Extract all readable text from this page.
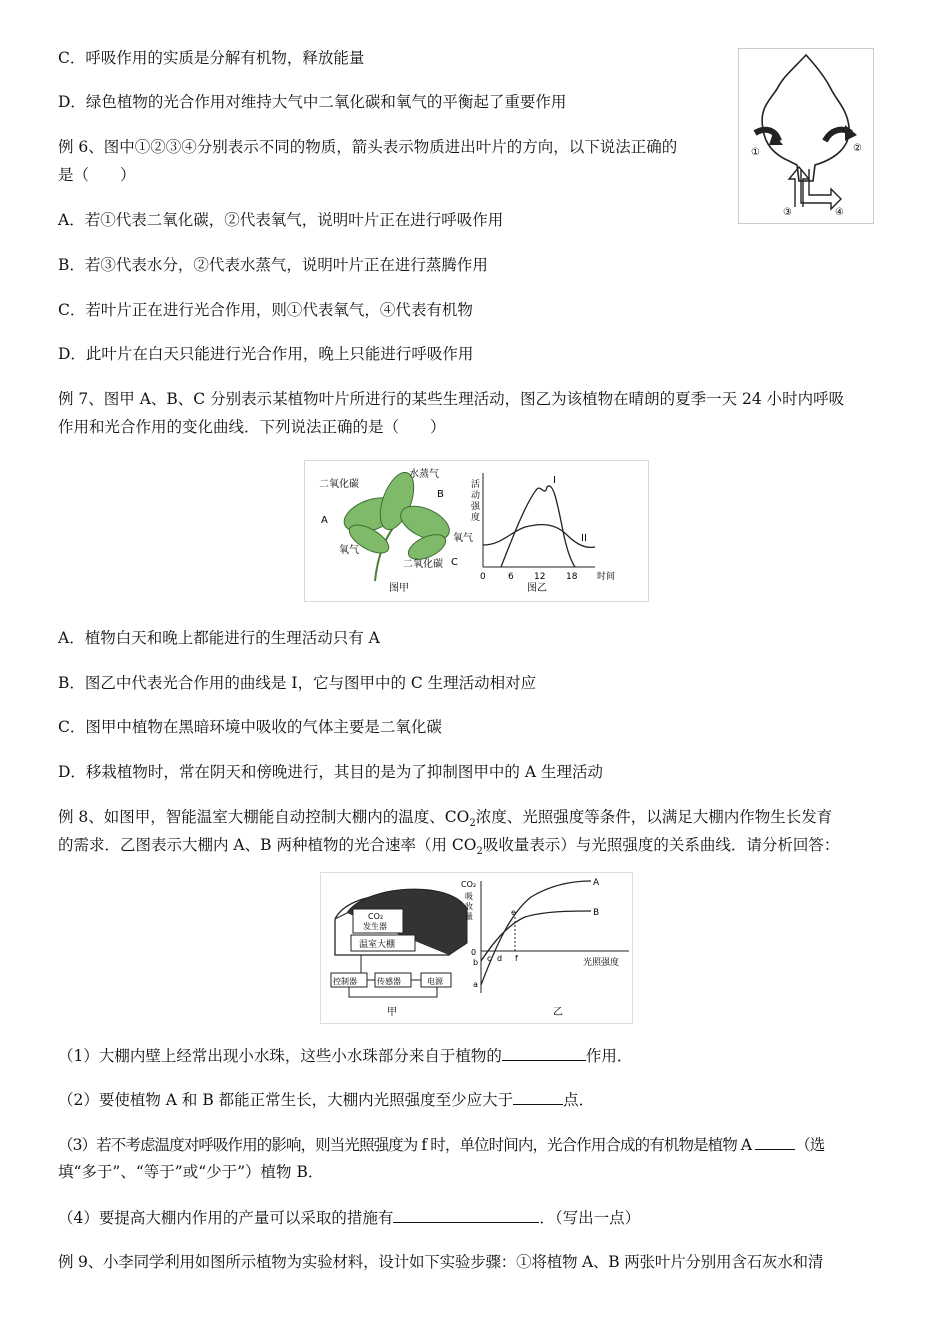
C．呼吸作用的实质是分解有机物，释放能量
D．绿色植物的光合作用对维持大气中二氧化碳和氧气的平衡起了重要作用
例 6、图中①②③④分别表示不同的物质，箭头表示物质进出叶片的方向，以下说法正确的
是（　　）
A．若①代表二氧化碳，②代表氧气，说明叶片正在进行呼吸作用
B．若③代表水分，②代表水蒸气，说明叶片正在进行蒸腾作用
C．若叶片正在进行光合作用，则①代表氧气，④代表有机物
D．此叶片在白天只能进行光合作用，晚上只能进行呼吸作用
①	②
③	④
例 7、图甲 A、B、C 分别表示某植物叶片所进行的某些生理活动，图乙为该植物在晴朗的夏季一天 24 小时内呼吸
作用和光合作用的变化曲线．下列说法正确的是（　　）
二氧化碳
水蒸气
B
A
氧气
氧气
二氧化碳 C
图甲
活
动
强
度
I
II
0 6 12 18 时间
图乙
A．植物白天和晚上都能进行的生理活动只有 A
B．图乙中代表光合作用的曲线是 I，它与图甲中的 C 生理活动相对应
C．图甲中植物在黑暗环境中吸收的气体主要是二氧化碳
D．移栽植物时，常在阴天和傍晚进行，其目的是为了抑制图甲中的 A 生理活动
例 8、如图甲，智能温室大棚能自动控制大棚内的温度、$CO_2$浓度、光照强度等条件，以满足大棚内作物生长发育
的需求．乙图表示大棚内 A、B 两种植物的光合速率（用 $CO_2$吸收量表示）与光照强度的关系曲线．请分析回答：
CO₂
发生器
温室大棚
控制器	传感器	电源
甲
CO₂
吸
收
量
A
B
0
a
b c d
e
f	光照强度
乙
（1）大棚内壁上经常出现小水珠，这些小水珠部分来自于植物的	作用．
（2）要使植物 A 和 B 都能正常生长，大棚内光照强度至少应大于	点．
（3）若不考虑温度对呼吸作用的影响，则当光照强度为 f 时，单位时间内，光合作用合成的有机物是植物 A	（选
填“多于”、“等于”或“少于”）植物 B．
（4）要提高大棚内作用的产量可以采取的措施有	．（写出一点）
例 9、小李同学利用如图所示植物为实验材料，设计如下实验步骤：①将植物 A、B 两张叶片分别用含石灰水和清
